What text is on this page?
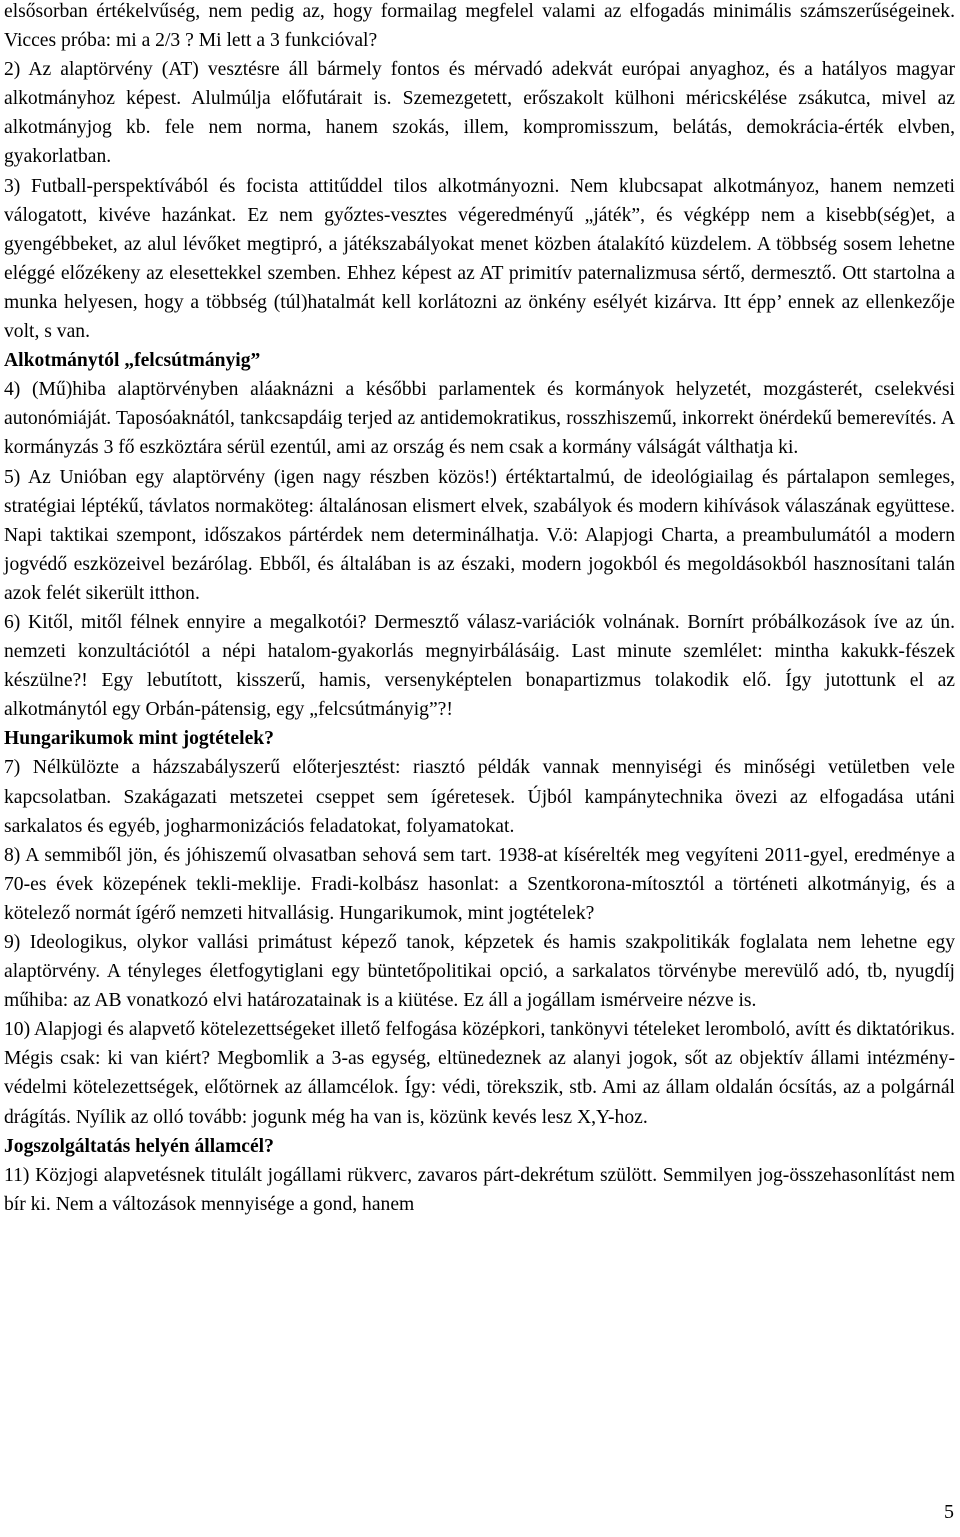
elsősorban értékelvűség, nem pedig az, hogy formailag megfelel valami az elfogadás minimális számszerűségeinek. Vicces próba: mi a 2/3 ? Mi lett a 3 funkcióval?

2) Az alaptörvény (AT) vesztésre áll bármely fontos és mérvadó adekvát európai anyaghoz, és a hatályos magyar alkotmányhoz képest. Alulmúlja előfutárait is. Szemezgetett, erőszakolt külhoni méricskélése zsákutca, mivel az alkotmányjog kb. fele nem norma, hanem szokás, illem, kompromisszum, belátás, demokrácia-érték elvben, gyakorlatban.

3) Futball-perspektívából és focista attitűddel tilos alkotmányozni. Nem klubcsapat alkotmányoz, hanem nemzeti válogatott, kivéve hazánkat. Ez nem győztes-vesztes végeredményű „játék”, és végképp nem a kisebb(ség)et, a gyengébbeket, az alul lévőket megtipró, a játékszabályokat menet közben átalakító küzdelem. A többség sosem lehetne eléggé előzékeny az elesettekkel szemben. Ehhez képest az AT primitív paternalizmusa sértő, dermesztő. Ott startolna a munka helyesen, hogy a többség (túl)hatalmát kell korlátozni az önkény esélyét kizárva. Itt épp’ ennek az ellenkezője volt, s van.

Alkotmánytól „felcsútmányig”

4) (Mű)hiba alaptörvényben aláaknázni a későbbi parlamentek és kormányok helyzetét, mozgásterét, cselekvési autonómiáját. Taposóaknától, tankcsapdáig terjed az antidemokratikus, rosszhiszemű, inkorrekt önérdekű bemerevítés. A kormányzás 3 fő eszköztára sérül ezentúl, ami az ország és nem csak a kormány válságát válthatja ki.

5) Az Unióban egy alaptörvény (igen nagy részben közös!) értéktartalmú, de ideológiailag és pártalapon semleges, stratégiai léptékű, távlatos normaköteg: általánosan elismert elvek, szabályok és modern kihívások válaszának együttese. Napi taktikai szempont, időszakos pártérdek nem determinálhatja. V.ö: Alapjogi Charta, a preambulumától a modern jogvédő eszközeivel bezárólag. Ebből, és általában is az északi, modern jogokból és megoldásokból hasznosítani talán azok felét sikerült itthon.

6) Kitől, mitől félnek ennyire a megalkotói? Dermesztő válasz-variációk volnának. Bornírt próbálkozások íve az ún. nemzeti konzultációtól a népi hatalom-gyakorlás megnyirbálásáig. Last minute szemlélet: mintha kakukk-fészek készülne?! Egy lebutított, kisszerű, hamis, versenyképtelen bonapartizmus tolakodik elő. Így jutottunk el az alkotmánytól egy Orbán-pátensig, egy „felcsútmányig”?!

Hungarikumok mint jogtételek?

7) Nélkülözte a házszabályszerű előterjesztést: riasztó példák vannak mennyiségi és minőségi vetületben vele kapcsolatban. Szakágazati metszetei cseppet sem ígéretesek. Újból kampánytechnika övezi az elfogadása utáni sarkalatos és egyéb, jogharmonizációs feladatokat, folyamatokat.

8) A semmiből jön, és jóhiszemű olvasatban sehová sem tart. 1938-at kísérelték meg vegyíteni 2011-gyel, eredménye a 70-es évek közepének tekli-meklije. Fradi-kolbász hasonlat: a Szentkorona-mítosztól a történeti alkotmányig, és a kötelező normát ígérő nemzeti hitvallásig. Hungarikumok, mint jogtételek?

9) Ideologikus, olykor vallási primátust képező tanok, képzetek és hamis szakpolitikák foglalata nem lehetne egy alaptörvény. A tényleges életfogytiglani egy büntetőpolitikai opció, a sarkalatos törvénybe merevülő adó, tb, nyugdíj műhiba: az AB vonatkozó elvi határozatainak is a kiütése. Ez áll a jogállam ismérveire nézve is.

10) Alapjogi és alapvető kötelezettségeket illető felfogása középkori, tankönyvi tételeket leromboló, avítt és diktatórikus. Mégis csak: ki van kiért? Megbomlik a 3-as egység, eltünedeznek az alanyi jogok, sőt az objektív állami intézmény-védelmi kötelezettségek, előtörnek az államcélok. Így: védi, törekszik, stb. Ami az állam oldalán ócsítás, az a polgárnál drágítás. Nyílik az olló tovább: jogunk még ha van is, közünk kevés lesz X,Y-hoz.

Jogszolgáltatás helyén államcél?

11) Közjogi alapvetésnek titulált jogállami rükverc, zavaros párt-dekrétum szülött. Semmilyen jog-összehasonlítást nem bír ki. Nem a változások mennyisége a gond, hanem

5
